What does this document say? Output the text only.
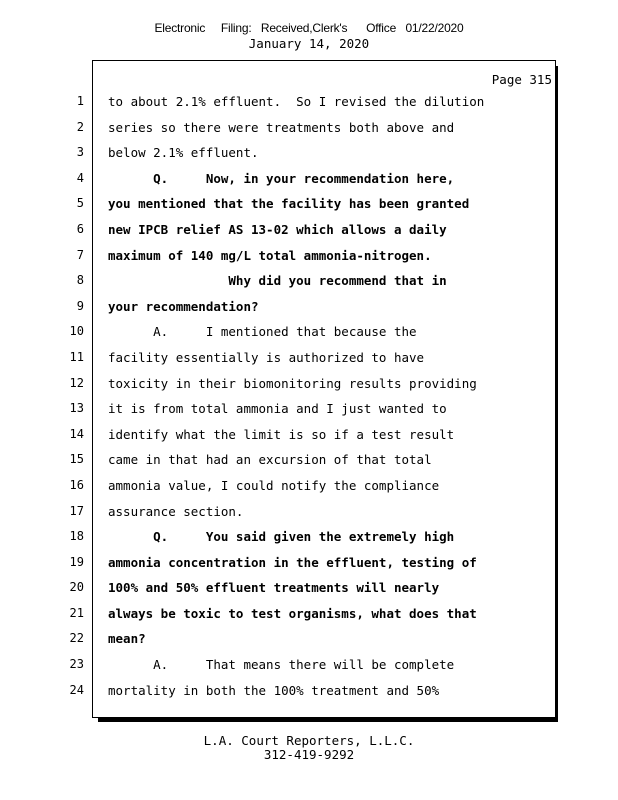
Electronic     Filing:   Received,Clerk's      Office   01/22/2020
January 14, 2020
Page 315
1 to about 2.1% effluent.  So I revised the dilution
2 series so there were treatments both above and
3 below 2.1% effluent.
4 Q.     Now, in your recommendation here,
5 you mentioned that the facility has been granted
6 new IPCB relief AS 13-02 which allows a daily
7 maximum of 140 mg/L total ammonia-nitrogen.
8 Why did you recommend that in
9 your recommendation?
10 A.     I mentioned that because the
11 facility essentially is authorized to have
12 toxicity in their biomonitoring results providing
13 it is from total ammonia and I just wanted to
14 identify what the limit is so if a test result
15 came in that had an excursion of that total
16 ammonia value, I could notify the compliance
17 assurance section.
18 Q.     You said given the extremely high
19 ammonia concentration in the effluent, testing of
20 100% and 50% effluent treatments will nearly
21 always be toxic to test organisms, what does that
22 mean?
23 A.     That means there will be complete
24 mortality in both the 100% treatment and 50%
L.A. Court Reporters, L.L.C.
312-419-9292
